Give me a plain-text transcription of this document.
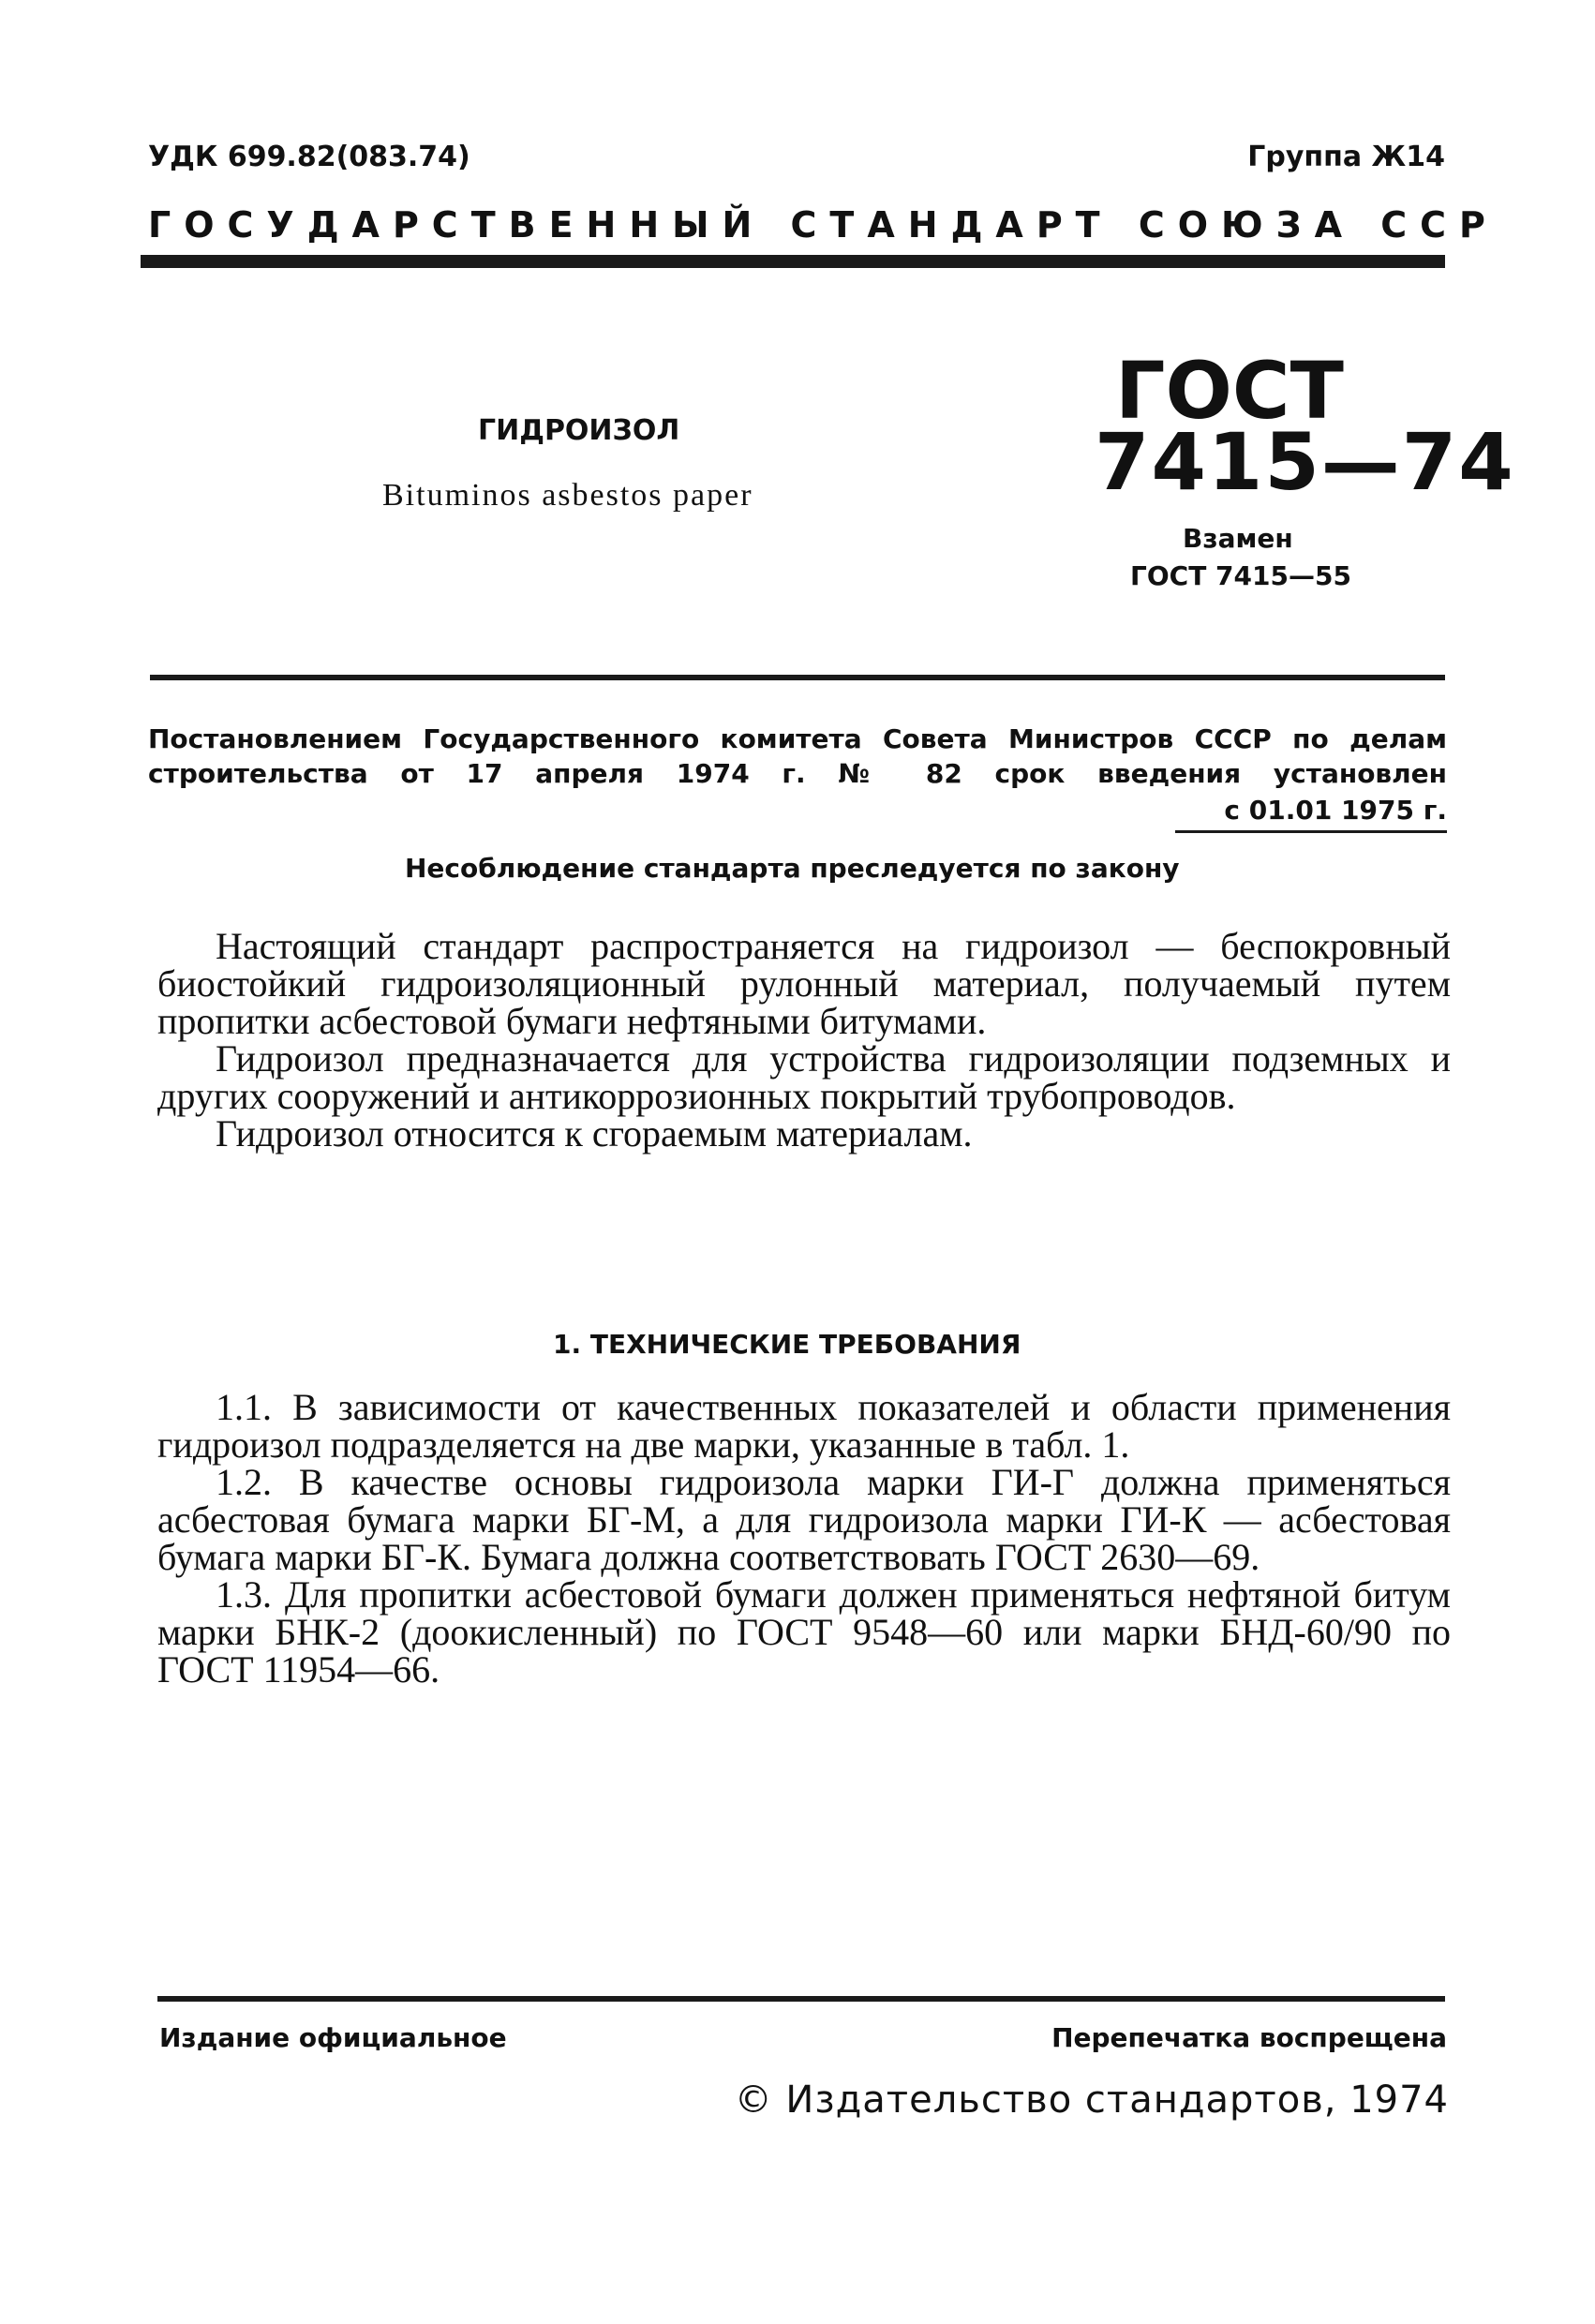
УДК 699.82(083.74)	Группа Ж14
ГОСУДАРСТВЕННЫЙ СТАНДАРТ СОЮЗА ССР
ГИДРОИЗОЛ
Bituminos asbestos paper
ГОСТ
7415—74
Взамен
ГОСТ 7415—55
Постановлением Государственного комитета Совета Министров СССР по делам строительства от 17 апреля 1974 г. № 82 срок введения установлен
с 01.01 1975 г.
Несоблюдение стандарта преследуется по закону

Настоящий стандарт распространяется на гидроизол — беспокровный биостойкий гидроизоляционный рулонный материал, получаемый путем пропитки асбестовой бумаги нефтяными битумами.

Гидроизол предназначается для устройства гидроизоляции подземных и других сооружений и антикоррозионных покрытий трубопроводов.

Гидроизол относится к сгораемым материалам.

1. ТЕХНИЧЕСКИЕ ТРЕБОВАНИЯ

1.1. В зависимости от качественных показателей и области применения гидроизол подразделяется на две марки, указанные в табл. 1.

1.2. В качестве основы гидроизола марки ГИ-Г должна применяться асбестовая бумага марки БГ-М, а для гидроизола марки ГИ-К — асбестовая бумага марки БГ-К. Бумага должна соответствовать ГОСТ 2630—69.

1.3. Для пропитки асбестовой бумаги должен применяться нефтяной битум марки БНК-2 (доокисленный) по ГОСТ 9548—60 или марки БНД-60/90 по ГОСТ 11954—66.

Издание официальное	Перепечатка воспрещена
© Издательство стандартов, 1974
